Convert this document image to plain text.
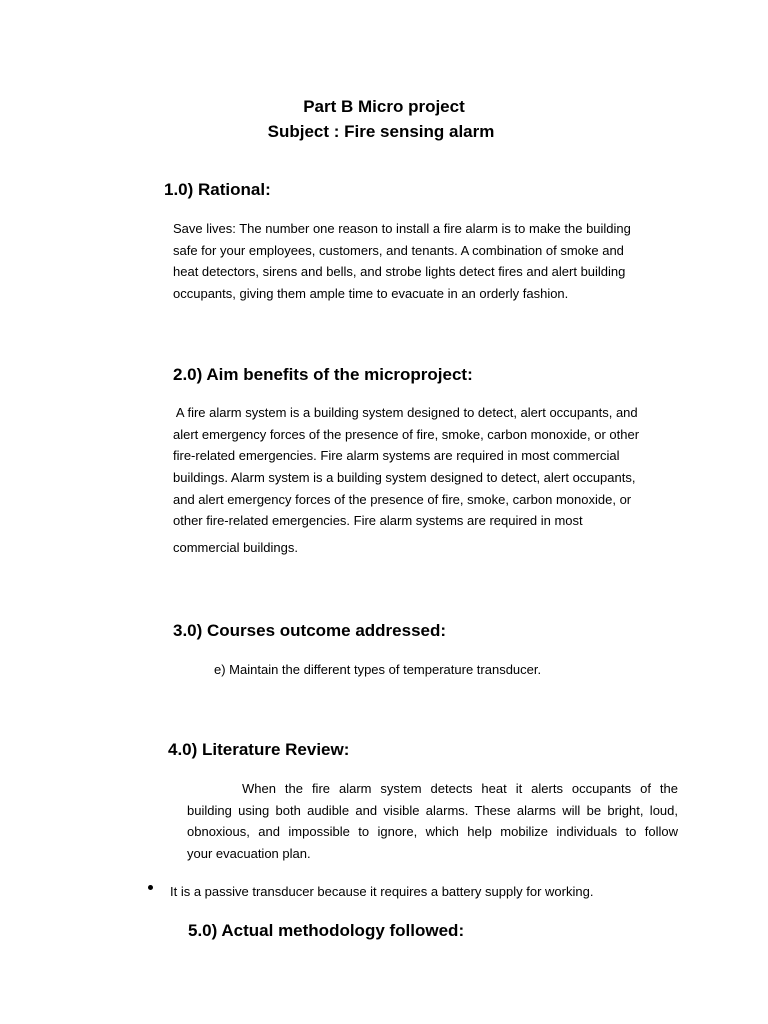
Part B Micro project
Subject : Fire sensing alarm
1.0) Rational:
Save lives: The number one reason to install a fire alarm is to make the building
safe for your employees, customers, and tenants. A combination of smoke and
heat detectors, sirens and bells, and strobe lights detect fires and alert building
occupants, giving them ample time to evacuate in an orderly fashion.
2.0) Aim benefits of the microproject:
A fire alarm system is a building system designed to detect, alert occupants, and
alert emergency forces of the presence of fire, smoke, carbon monoxide, or other
fire-related emergencies. Fire alarm systems are required in most commercial
buildings. Alarm system is a building system designed to detect, alert occupants,
and alert emergency forces of the presence of fire, smoke, carbon monoxide, or
other fire-related emergencies. Fire alarm systems are required in most
commercial buildings.
3.0) Courses outcome addressed:
e) Maintain the different types of temperature transducer.
4.0) Literature Review:
When the fire alarm system detects heat it alerts occupants of the
building using both audible and visible alarms. These alarms will be bright, loud,
obnoxious, and impossible to ignore, which help mobilize individuals to follow
your evacuation plan.
It is a passive transducer because it requires a battery supply for working.
5.0) Actual methodology followed:
